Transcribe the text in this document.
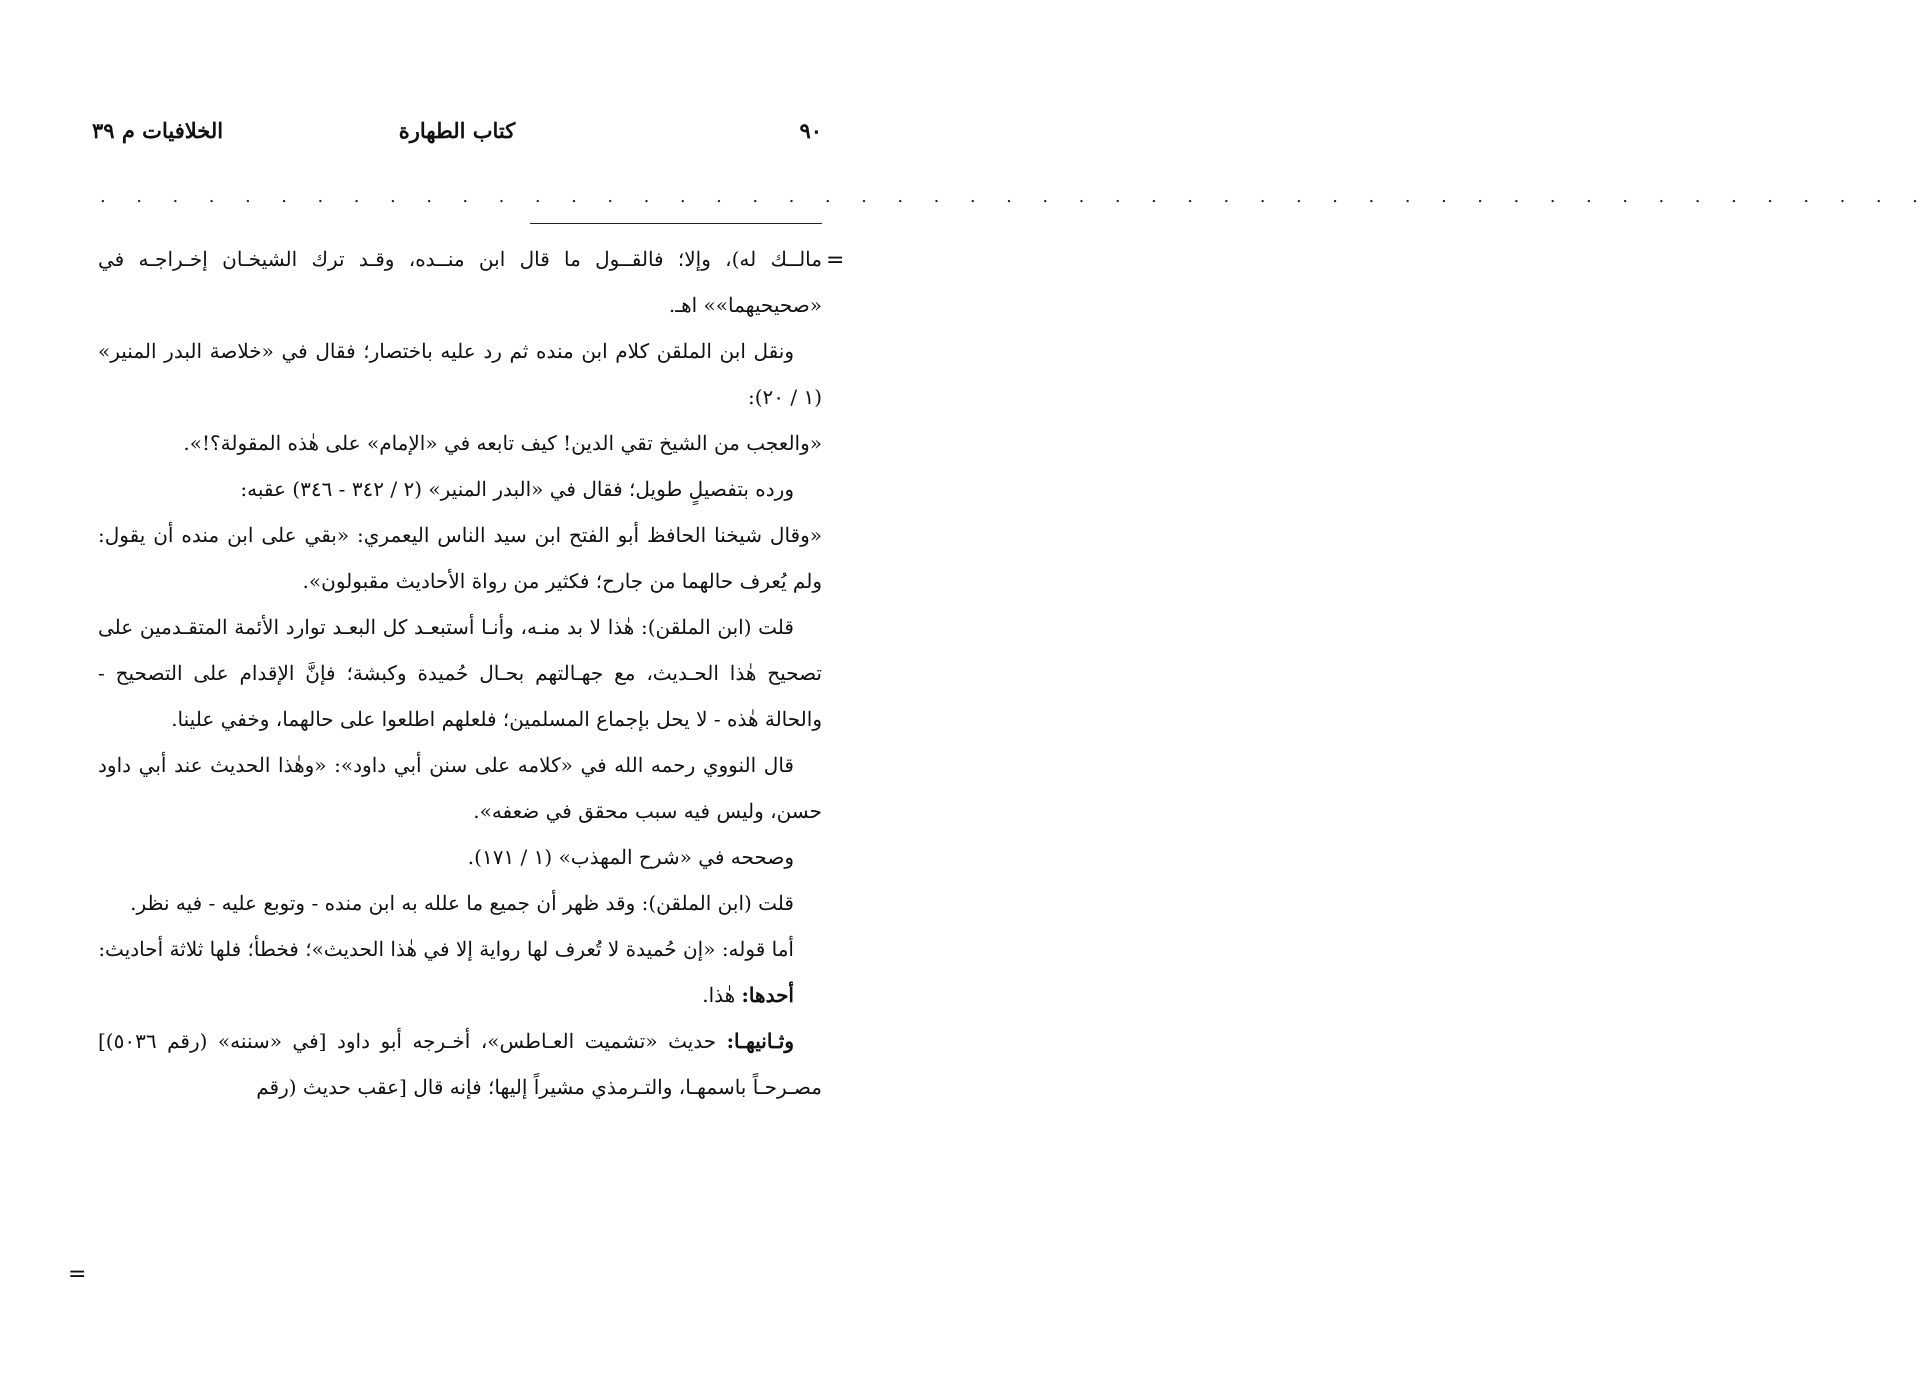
٩٠
كتاب الطهارة
الخلافيات م ٣٩
. . . . . . . . . . . . . . . . . . . . . . . . . . . . . . . . . . . . . . . . . . . . . . . . . . .
=

مالــك له)، وإلا؛ فالقــول ما قال ابن منــده، وقـد ترك الشيخـان إخـراجـه في «صحيحيهما»» اهـ.

ونقل ابن الملقن كلام ابن منده ثم رد عليه باختصار؛ فقال في «خلاصة البدر المنير» (١ / ٢٠):

«والعجب من الشيخ تقي الدين! كيف تابعه في «الإمام» على هٰذه المقولة؟!».

ورده بتفصيلٍ طويل؛ فقال في «البدر المنير» (٢ / ٣٤٢ - ٣٤٦) عقبه:

«وقال شيخنا الحافظ أبو الفتح ابن سيد الناس اليعمري: «بقي على ابن منده أن يقول: ولم يُعرف حالهما من جارح؛ فكثير من رواة الأحاديث مقبولون».

قلت (ابن الملقن): هٰذا لا بد منـه، وأنـا أستبعـد كل البعـد توارد الأئمة المتقـدمين على تصحيح هٰذا الحـديث، مع جهـالتهم بحـال حُميدة وكبشة؛ فإنَّ الإقدام على التصحيح - والحالة هٰذه - لا يحل بإجماع المسلمين؛ فلعلهم اطلعوا على حالهما، وخفي علينا.

قال النووي رحمه الله في «كلامه على سنن أبي داود»: «وهٰذا الحديث عند أبي داود حسن، وليس فيه سبب محقق في ضعفه».

وصححه في «شرح المهذب» (١ / ١٧١).

قلت (ابن الملقن): وقد ظهر أن جميع ما علله به ابن منده - وتوبع عليه - فيه نظر.

أما قوله: «إن حُميدة لا تُعرف لها رواية إلا في هٰذا الحديث»؛ فخطأ؛ فلها ثلاثة أحاديث:

أحدها: هٰذا.

وثـانيهـا: حديث «تشميت العـاطس»، أخـرجه أبو داود [في «سننه» (رقم ٥٠٣٦)] مصـرحـاً باسمهـا، والتـرمذي مشيراً إليها؛ فإنه قال [عقب حديث (رقم

=
